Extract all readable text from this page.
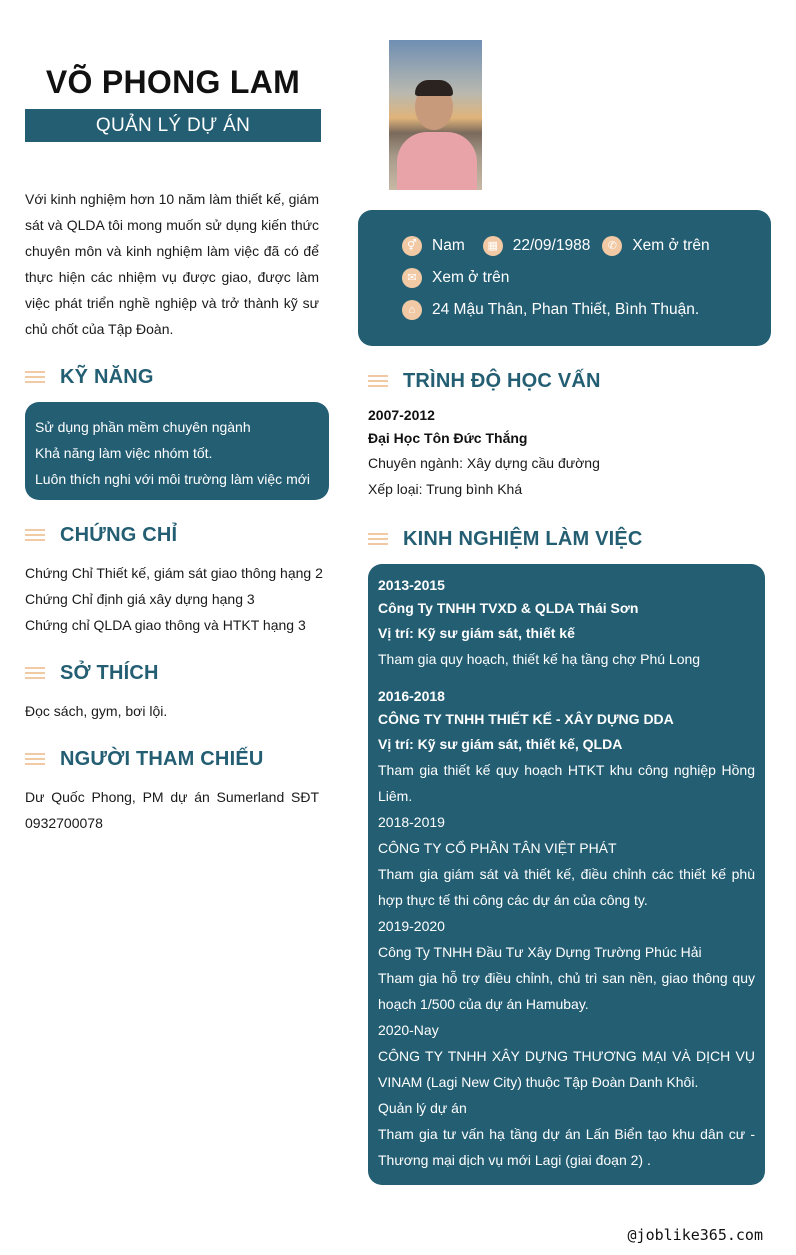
VÕ PHONG LAM
QUẢN LÝ DỰ ÁN
Với kinh nghiệm hơn 10 năm làm thiết kế, giám sát và QLDA tôi mong muốn sử dụng kiến thức chuyên môn và kinh nghiệm làm việc đã có để thực hiện các nhiệm vụ được giao, được làm việc phát triển nghề nghiệp và trở thành kỹ sư chủ chốt của Tập Đoàn.
KỸ NĂNG
Sử dụng phần mềm chuyên ngành
Khả năng làm việc nhóm tốt.
Luôn thích nghi với môi trường làm việc mới
CHỨNG CHỈ
Chứng Chỉ Thiết kế, giám sát giao thông hạng 2
Chứng Chỉ định giá xây dựng hạng 3
Chứng chỉ QLDA giao thông và HTKT hạng 3
SỞ THÍCH
Đọc sách, gym, bơi lội.
NGƯỜI THAM CHIẾU
Dư Quốc Phong, PM dự án Sumerland SĐT 0932700078
⚥ Nam	▦ 22/09/1988	✆ Xem ở trên
✉ Xem ở trên
⌂	24 Mậu Thân, Phan Thiết, Bình Thuận.
TRÌNH ĐỘ HỌC VẤN
2007-2012
Đại Học Tôn Đức Thắng
Chuyên ngành: Xây dựng cầu đường
Xếp loại: Trung bình Khá
KINH NGHIỆM LÀM VIỆC
2013-2015
Công Ty TNHH TVXD & QLDA Thái Sơn
Vị trí: Kỹ sư giám sát, thiết kế
Tham gia quy hoạch, thiết kế hạ tầng chợ Phú Long
2016-2018
CÔNG TY TNHH THIẾT KẾ - XÂY DỰNG DDA
Vị trí: Kỹ sư giám sát, thiết kế, QLDA
Tham gia thiết kế quy hoạch HTKT khu công nghiệp Hồng Liêm.
2018-2019
CÔNG TY CỔ PHẦN TÂN VIỆT PHÁT
Tham gia giám sát và thiết kế, điều chỉnh các thiết kế phù hợp thực tế thi công các dự án của công ty.
2019-2020
Công Ty TNHH Đầu Tư Xây Dựng Trường Phúc Hải
Tham gia hỗ trợ điều chỉnh, chủ trì san nền, giao thông quy hoạch 1/500 của dự án Hamubay.
2020-Nay
CÔNG TY TNHH XÂY DỰNG THƯƠNG MẠI VÀ DỊCH VỤ VINAM (Lagi New City) thuộc Tập Đoàn Danh Khôi.
Quản lý dự án
Tham gia tư vấn hạ tầng dự án Lấn Biển tạo khu dân cư - Thương mại dịch vụ mới Lagi (giai đoạn 2) .
@joblike365.com
